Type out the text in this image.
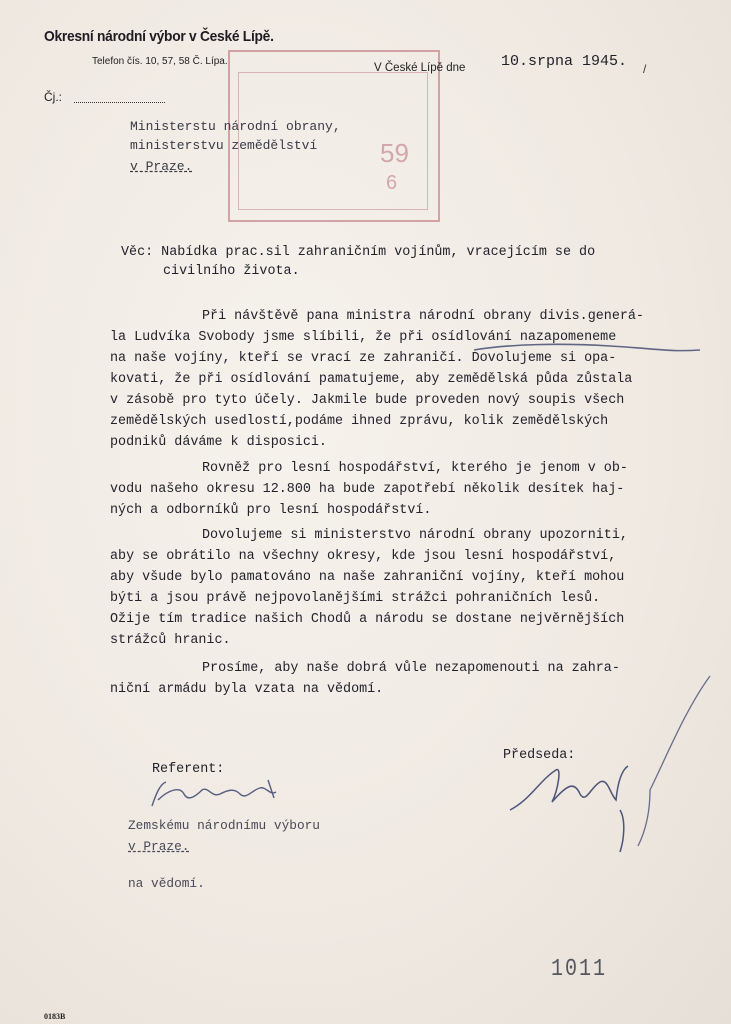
59
6
Okresní národní výbor v České Lípě.
Telefon čís. 10, 57, 58 Č. Lípa.
V České Lípě dne 10.srpna 1945. /
Čj.:
Ministerstu národní obrany,
ministerstvu zemědělství
v Praze.
Věc: Nabídka prac.sil zahraničním vojínům, vracejícím se do
civilního života.
Při návštěvě pana ministra národní obrany divis.generá-
la Ludvíka Svobody jsme slíbili, že při osídlování nazapomeneme
na naše vojíny, kteří se vrací ze zahraničí. Dovolujeme si opa-
kovati, že při osídlování pamatujeme, aby zemědělská půda zůstala
v zásobě pro tyto účely. Jakmile bude proveden nový soupis všech
zemědělských usedlostí,podáme ihned zprávu, kolik zemědělských
podniků dáváme k disposici.
Rovněž pro lesní hospodářství, kterého je jenom v ob-
vodu našeho okresu 12.800 ha bude zapotřebí několik desítek haj-
ných a odborníků pro lesní hospodářství.
Dovolujeme si ministerstvo národní obrany upozorniti,
aby se obrátilo na všechny okresy, kde jsou lesní hospodářství,
aby všude bylo pamatováno na naše zahraniční vojíny, kteří mohou
býti a jsou právě nejpovolanějšími strážci pohraničních lesů.
Ožije tím tradice našich Chodů a národu se dostane nejvěrnějších
strážců hranic.
Prosíme, aby naše dobrá vůle nezapomenouti na zahra-
niční armádu byla vzata na vědomí.
Referent:
Předseda:
Zemskému národnímu výboru
v Praze.
na vědomí.
1011
0183B
